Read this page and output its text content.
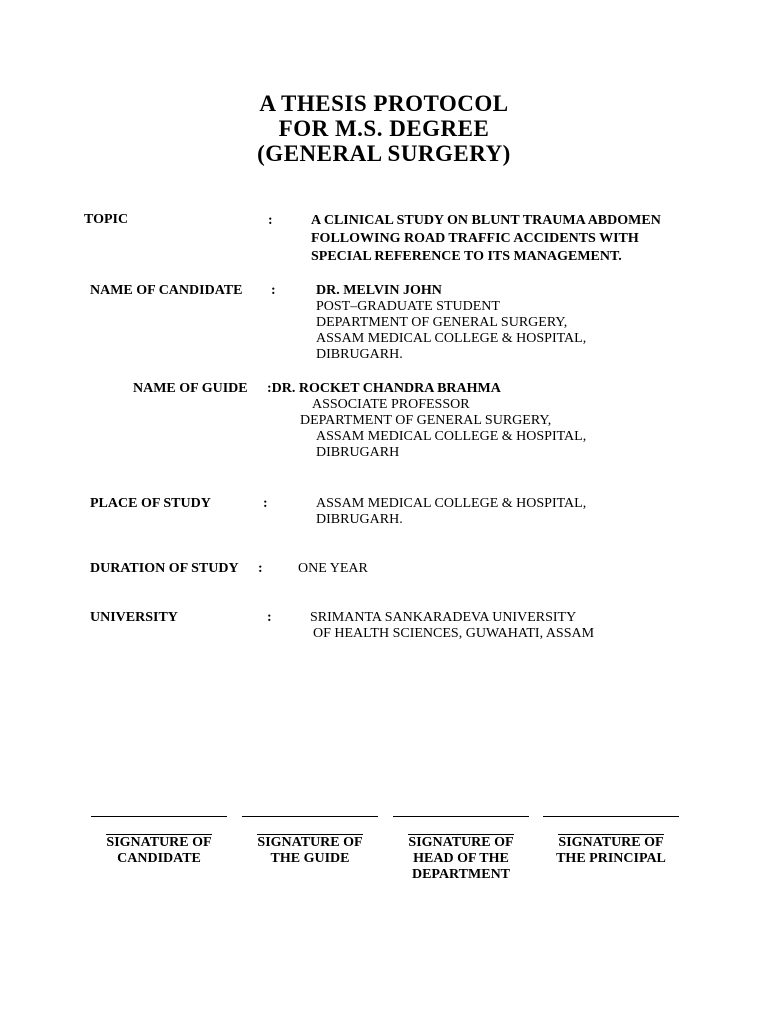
A THESIS PROTOCOL
FOR M.S. DEGREE
(GENERAL SURGERY)
TOPIC	:	A CLINICAL STUDY ON BLUNT TRAUMA ABDOMEN
FOLLOWING ROAD TRAFFIC ACCIDENTS WITH
SPECIAL REFERENCE TO ITS MANAGEMENT.
NAME OF CANDIDATE :	DR. MELVIN JOHN
POST–GRADUATE STUDENT
DEPARTMENT OF GENERAL SURGERY,
ASSAM MEDICAL COLLEGE & HOSPITAL,
DIBRUGARH.
NAME OF GUIDE :DR. ROCKET CHANDRA BRAHMA
ASSOCIATE PROFESSOR
DEPARTMENT OF GENERAL SURGERY,
ASSAM MEDICAL COLLEGE & HOSPITAL,
DIBRUGARH
PLACE OF STUDY	:	ASSAM MEDICAL COLLEGE & HOSPITAL,
DIBRUGARH.
DURATION OF STUDY :	ONE YEAR
UNIVERSITY	:	SRIMANTA SANKARADEVA UNIVERSITY
OF HEALTH SCIENCES, GUWAHATI, ASSAM
SIGNATURE OF
CANDIDATE
SIGNATURE OF
THE GUIDE
SIGNATURE OF
HEAD OF THE
DEPARTMENT
SIGNATURE OF
THE PRINCIPAL
